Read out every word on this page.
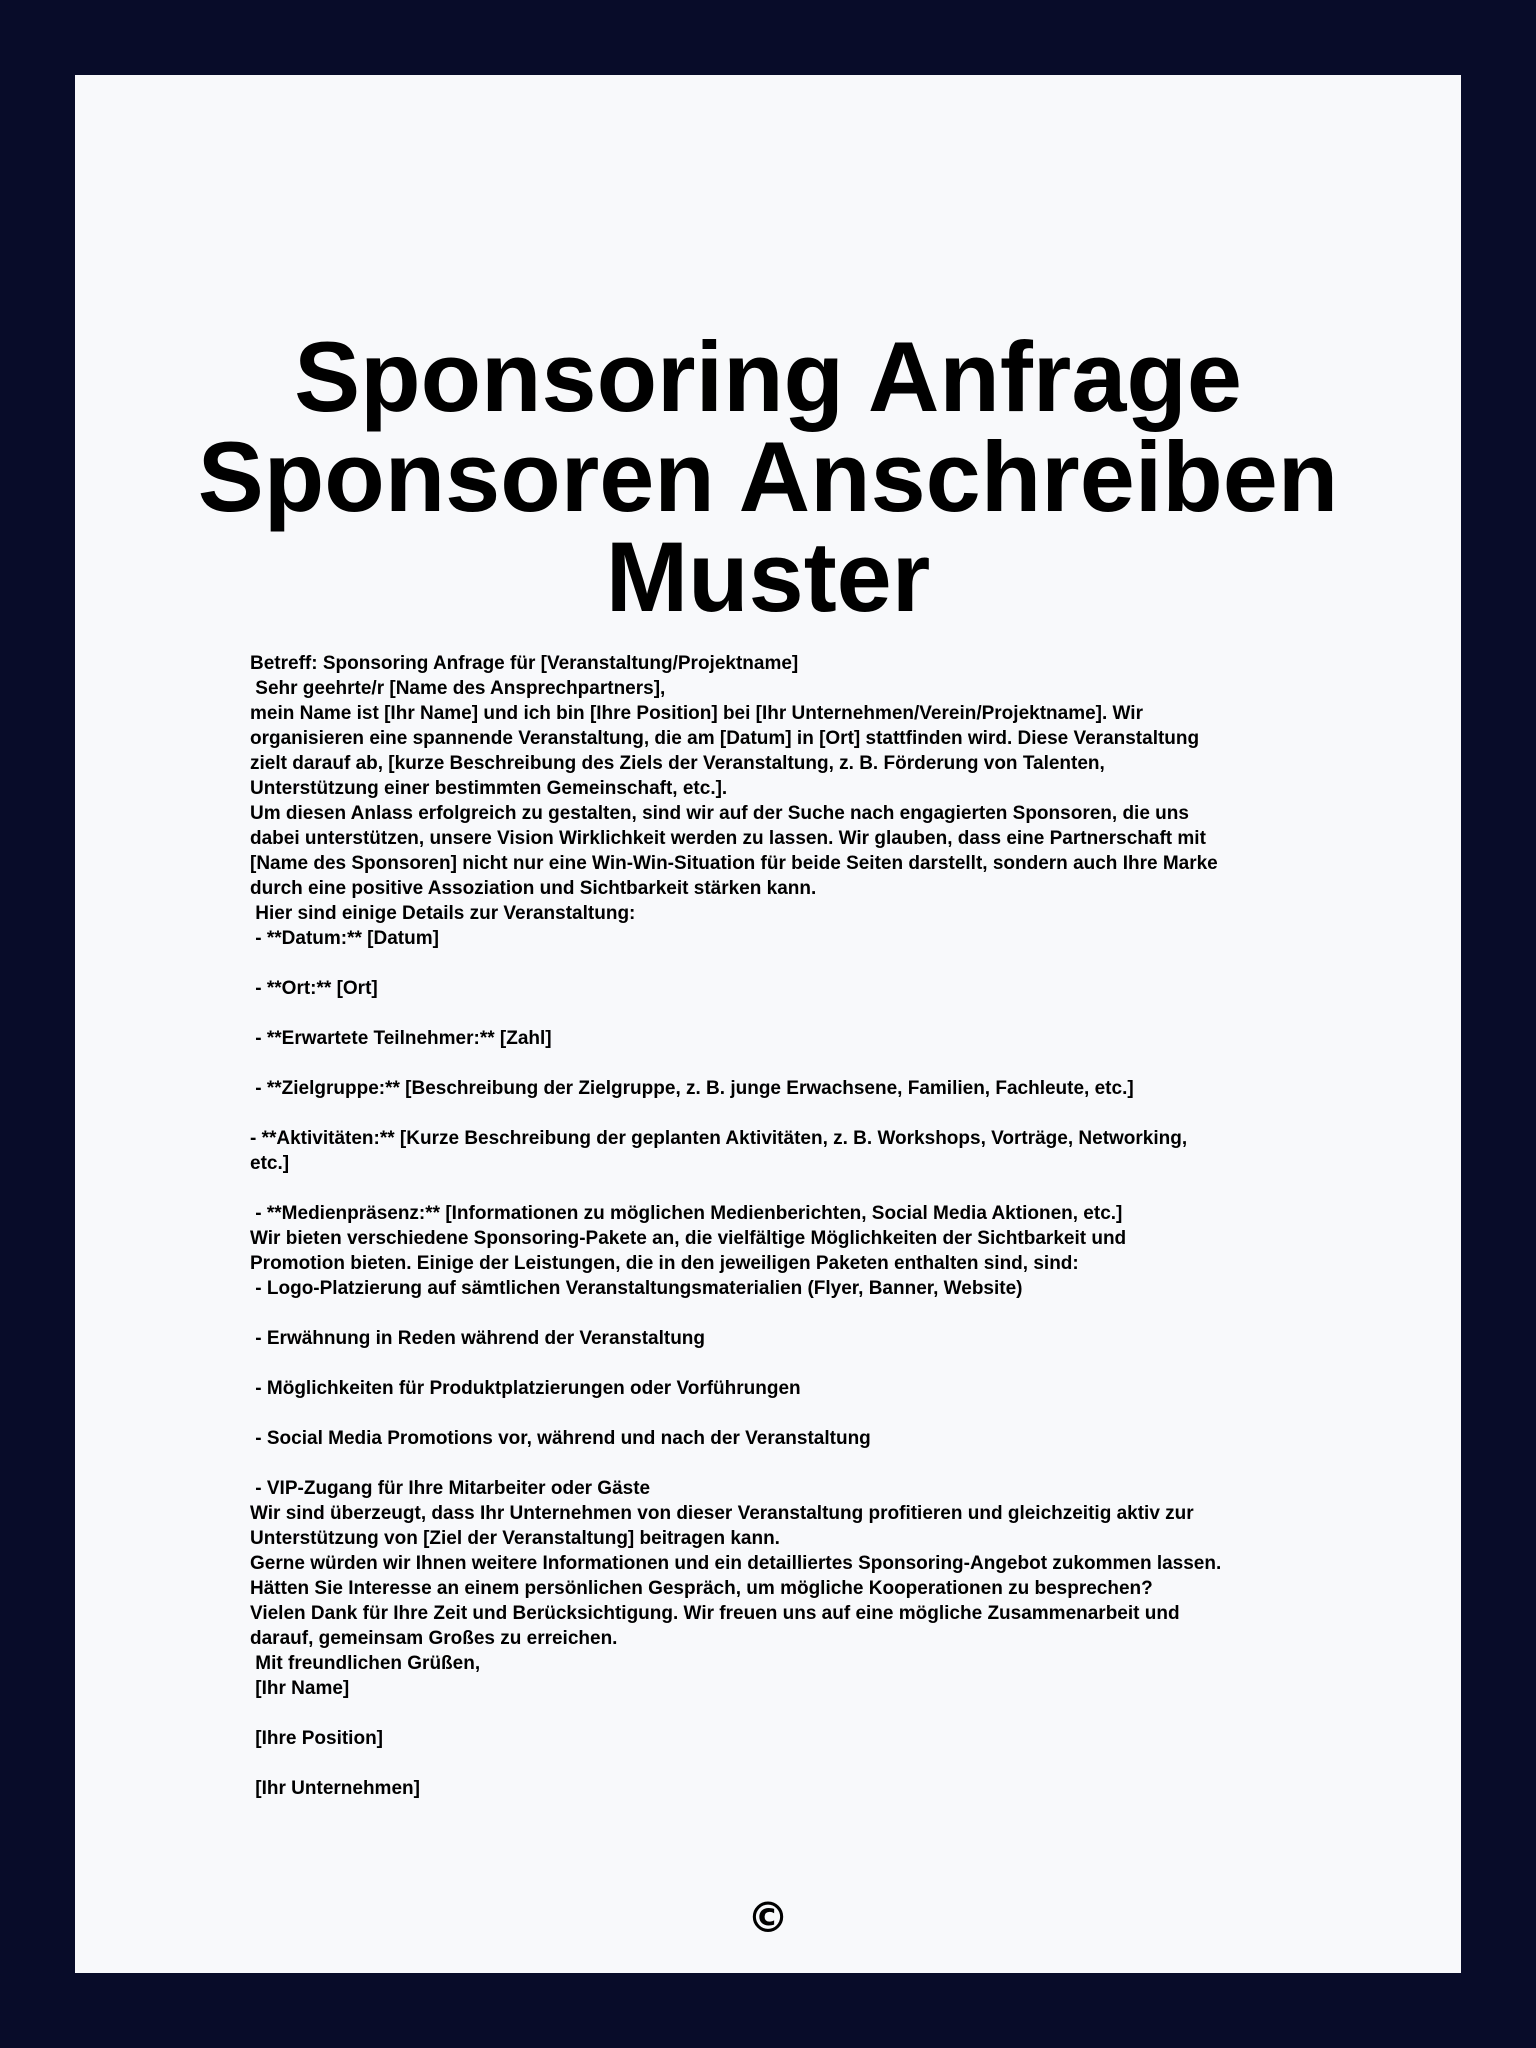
Sponsoring Anfrage
Sponsoren Anschreiben
Muster
Betreff: Sponsoring Anfrage für [Veranstaltung/Projektname]
Sehr geehrte/r [Name des Ansprechpartners],
mein Name ist [Ihr Name] und ich bin [Ihre Position] bei [Ihr Unternehmen/Verein/Projektname]. Wir
organisieren eine spannende Veranstaltung, die am [Datum] in [Ort] stattfinden wird. Diese Veranstaltung
zielt darauf ab, [kurze Beschreibung des Ziels der Veranstaltung, z. B. Förderung von Talenten,
Unterstützung einer bestimmten Gemeinschaft, etc.].
Um diesen Anlass erfolgreich zu gestalten, sind wir auf der Suche nach engagierten Sponsoren, die uns
dabei unterstützen, unsere Vision Wirklichkeit werden zu lassen. Wir glauben, dass eine Partnerschaft mit
[Name des Sponsoren] nicht nur eine Win-Win-Situation für beide Seiten darstellt, sondern auch Ihre Marke
durch eine positive Assoziation und Sichtbarkeit stärken kann.
Hier sind einige Details zur Veranstaltung:
- **Datum:** [Datum]
- **Ort:** [Ort]
- **Erwartete Teilnehmer:** [Zahl]
- **Zielgruppe:** [Beschreibung der Zielgruppe, z. B. junge Erwachsene, Familien, Fachleute, etc.]
- **Aktivitäten:** [Kurze Beschreibung der geplanten Aktivitäten, z. B. Workshops, Vorträge, Networking,
etc.]
- **Medienpräsenz:** [Informationen zu möglichen Medienberichten, Social Media Aktionen, etc.]
Wir bieten verschiedene Sponsoring-Pakete an, die vielfältige Möglichkeiten der Sichtbarkeit und
Promotion bieten. Einige der Leistungen, die in den jeweiligen Paketen enthalten sind, sind:
- Logo-Platzierung auf sämtlichen Veranstaltungsmaterialien (Flyer, Banner, Website)
- Erwähnung in Reden während der Veranstaltung
- Möglichkeiten für Produktplatzierungen oder Vorführungen
- Social Media Promotions vor, während und nach der Veranstaltung
- VIP-Zugang für Ihre Mitarbeiter oder Gäste
Wir sind überzeugt, dass Ihr Unternehmen von dieser Veranstaltung profitieren und gleichzeitig aktiv zur
Unterstützung von [Ziel der Veranstaltung] beitragen kann.
Gerne würden wir Ihnen weitere Informationen und ein detailliertes Sponsoring-Angebot zukommen lassen.
Hätten Sie Interesse an einem persönlichen Gespräch, um mögliche Kooperationen zu besprechen?
Vielen Dank für Ihre Zeit und Berücksichtigung. Wir freuen uns auf eine mögliche Zusammenarbeit und
darauf, gemeinsam Großes zu erreichen.
Mit freundlichen Grüßen,
[Ihr Name]
[Ihre Position]
[Ihr Unternehmen]
©
